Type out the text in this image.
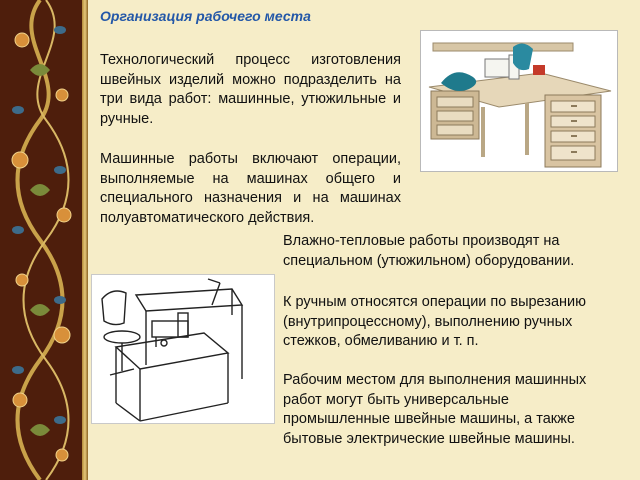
Организация рабочего места
Технологический процесс изготовления швейных изделий можно подразделить на три вида работ: машинные, утюжильные и ручные.
Машинные работы включают операции, выполняемые на машинах общего и специального назначения и на машинах полуавтоматического действия.
Влажно-тепловые работы производят на специальном (утюжильном) оборудовании.
К ручным относятся операции по вырезанию (внутрипроцессному), выполнению ручных стежков, обмеливанию и т. п.
Рабочим местом для выполнения машинных работ могут быть универсальные промышленные швейные машины, а также бытовые электрические швейные машины.
